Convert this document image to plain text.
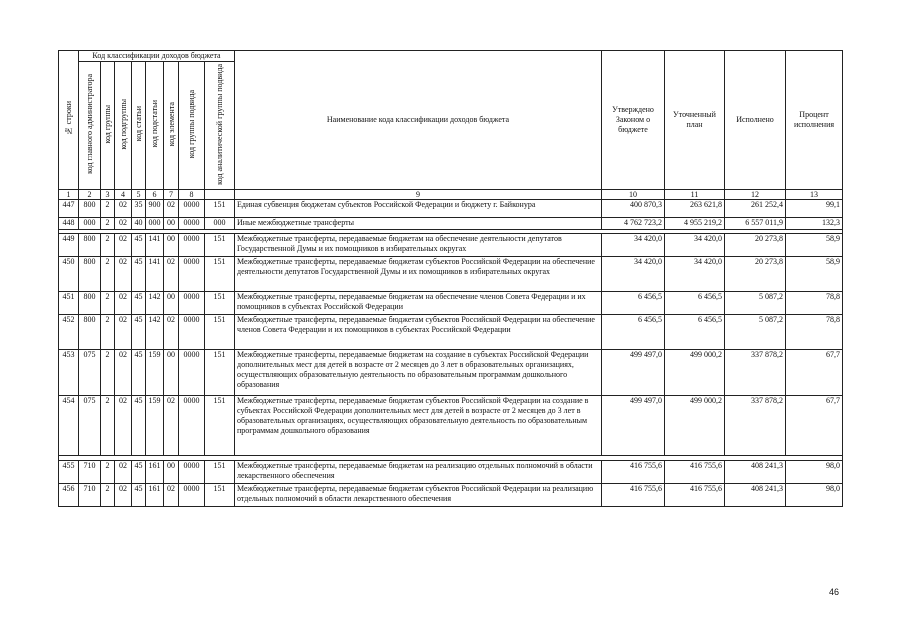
№ строки	Код классификации доходов бюджета								Наименование кода классификации доходов бюджета	Утверждено Законом о бюджете	Уточненный план	Исполнено	Процент исполнения
	код главного администратора	код группы	код подгруппы	код статьи	код подстатьи	код элемента	код группы подвида	код аналитической группы подвида					
1	2	3	4	5	6	7	8		9	10	11	12	13
447	800	2	02	35	900	02	0000	151	Единая субвенция бюджетам субъектов Российской Федерации и бюджету г. Байконура	400 870,3	263 621,8	261 252,4	99,1
448	000	2	02	40	000	00	0000	000	Иные межбюджетные трансферты	4 762 723,2	4 955 219,2	6 557 011,9	132,3

449	800	2	02	45	141	00	0000	151	Межбюджетные трансферты, передаваемые бюджетам на обеспечение деятельности депутатов Государственной Думы и их помощников в избирательных округах	34 420,0	34 420,0	20 273,8	58,9
450	800	2	02	45	141	02	0000	151	Межбюджетные трансферты, передаваемые бюджетам субъектов Российской Федерации на обеспечение деятельности депутатов Государственной Думы и их помощников в избирательных округах	34 420,0	34 420,0	20 273,8	58,9
451	800	2	02	45	142	00	0000	151	Межбюджетные трансферты, передаваемые бюджетам на обеспечение членов Совета Федерации и их помощников в субъектах Российской Федерации	6 456,5	6 456,5	5 087,2	78,8
452	800	2	02	45	142	02	0000	151	Межбюджетные трансферты, передаваемые бюджетам субъектов Российской Федерации на обеспечение членов Совета Федерации и их помощников в субъектах Российской Федерации	6 456,5	6 456,5	5 087,2	78,8
453	075	2	02	45	159	00	0000	151	Межбюджетные трансферты, передаваемые бюджетам на создание в субъектах Российской Федерации дополнительных мест для детей в возрасте от 2 месяцев до 3 лет в образовательных организациях, осуществляющих образовательную деятельность по образовательным программам дошкольного образования	499 497,0	499 000,2	337 878,2	67,7
454	075	2	02	45	159	02	0000	151	Межбюджетные трансферты, передаваемые бюджетам субъектов Российской Федерации на создание в субъектах Российской Федерации дополнительных мест для детей в возрасте от 2 месяцев до 3 лет в образовательных организациях, осуществляющих образовательную деятельность по образовательным программам дошкольного образования	499 497,0	499 000,2	337 878,2	67,7

455	710	2	02	45	161	00	0000	151	Межбюджетные трансферты, передаваемые бюджетам на реализацию отдельных полномочий в области лекарственного обеспечения	416 755,6	416 755,6	408 241,3	98,0
456	710	2	02	45	161	02	0000	151	Межбюджетные трансферты, передаваемые бюджетам субъектов Российской Федерации на реализацию отдельных полномочий в области лекарственного обеспечения	416 755,6	416 755,6	408 241,3	98,0
46
